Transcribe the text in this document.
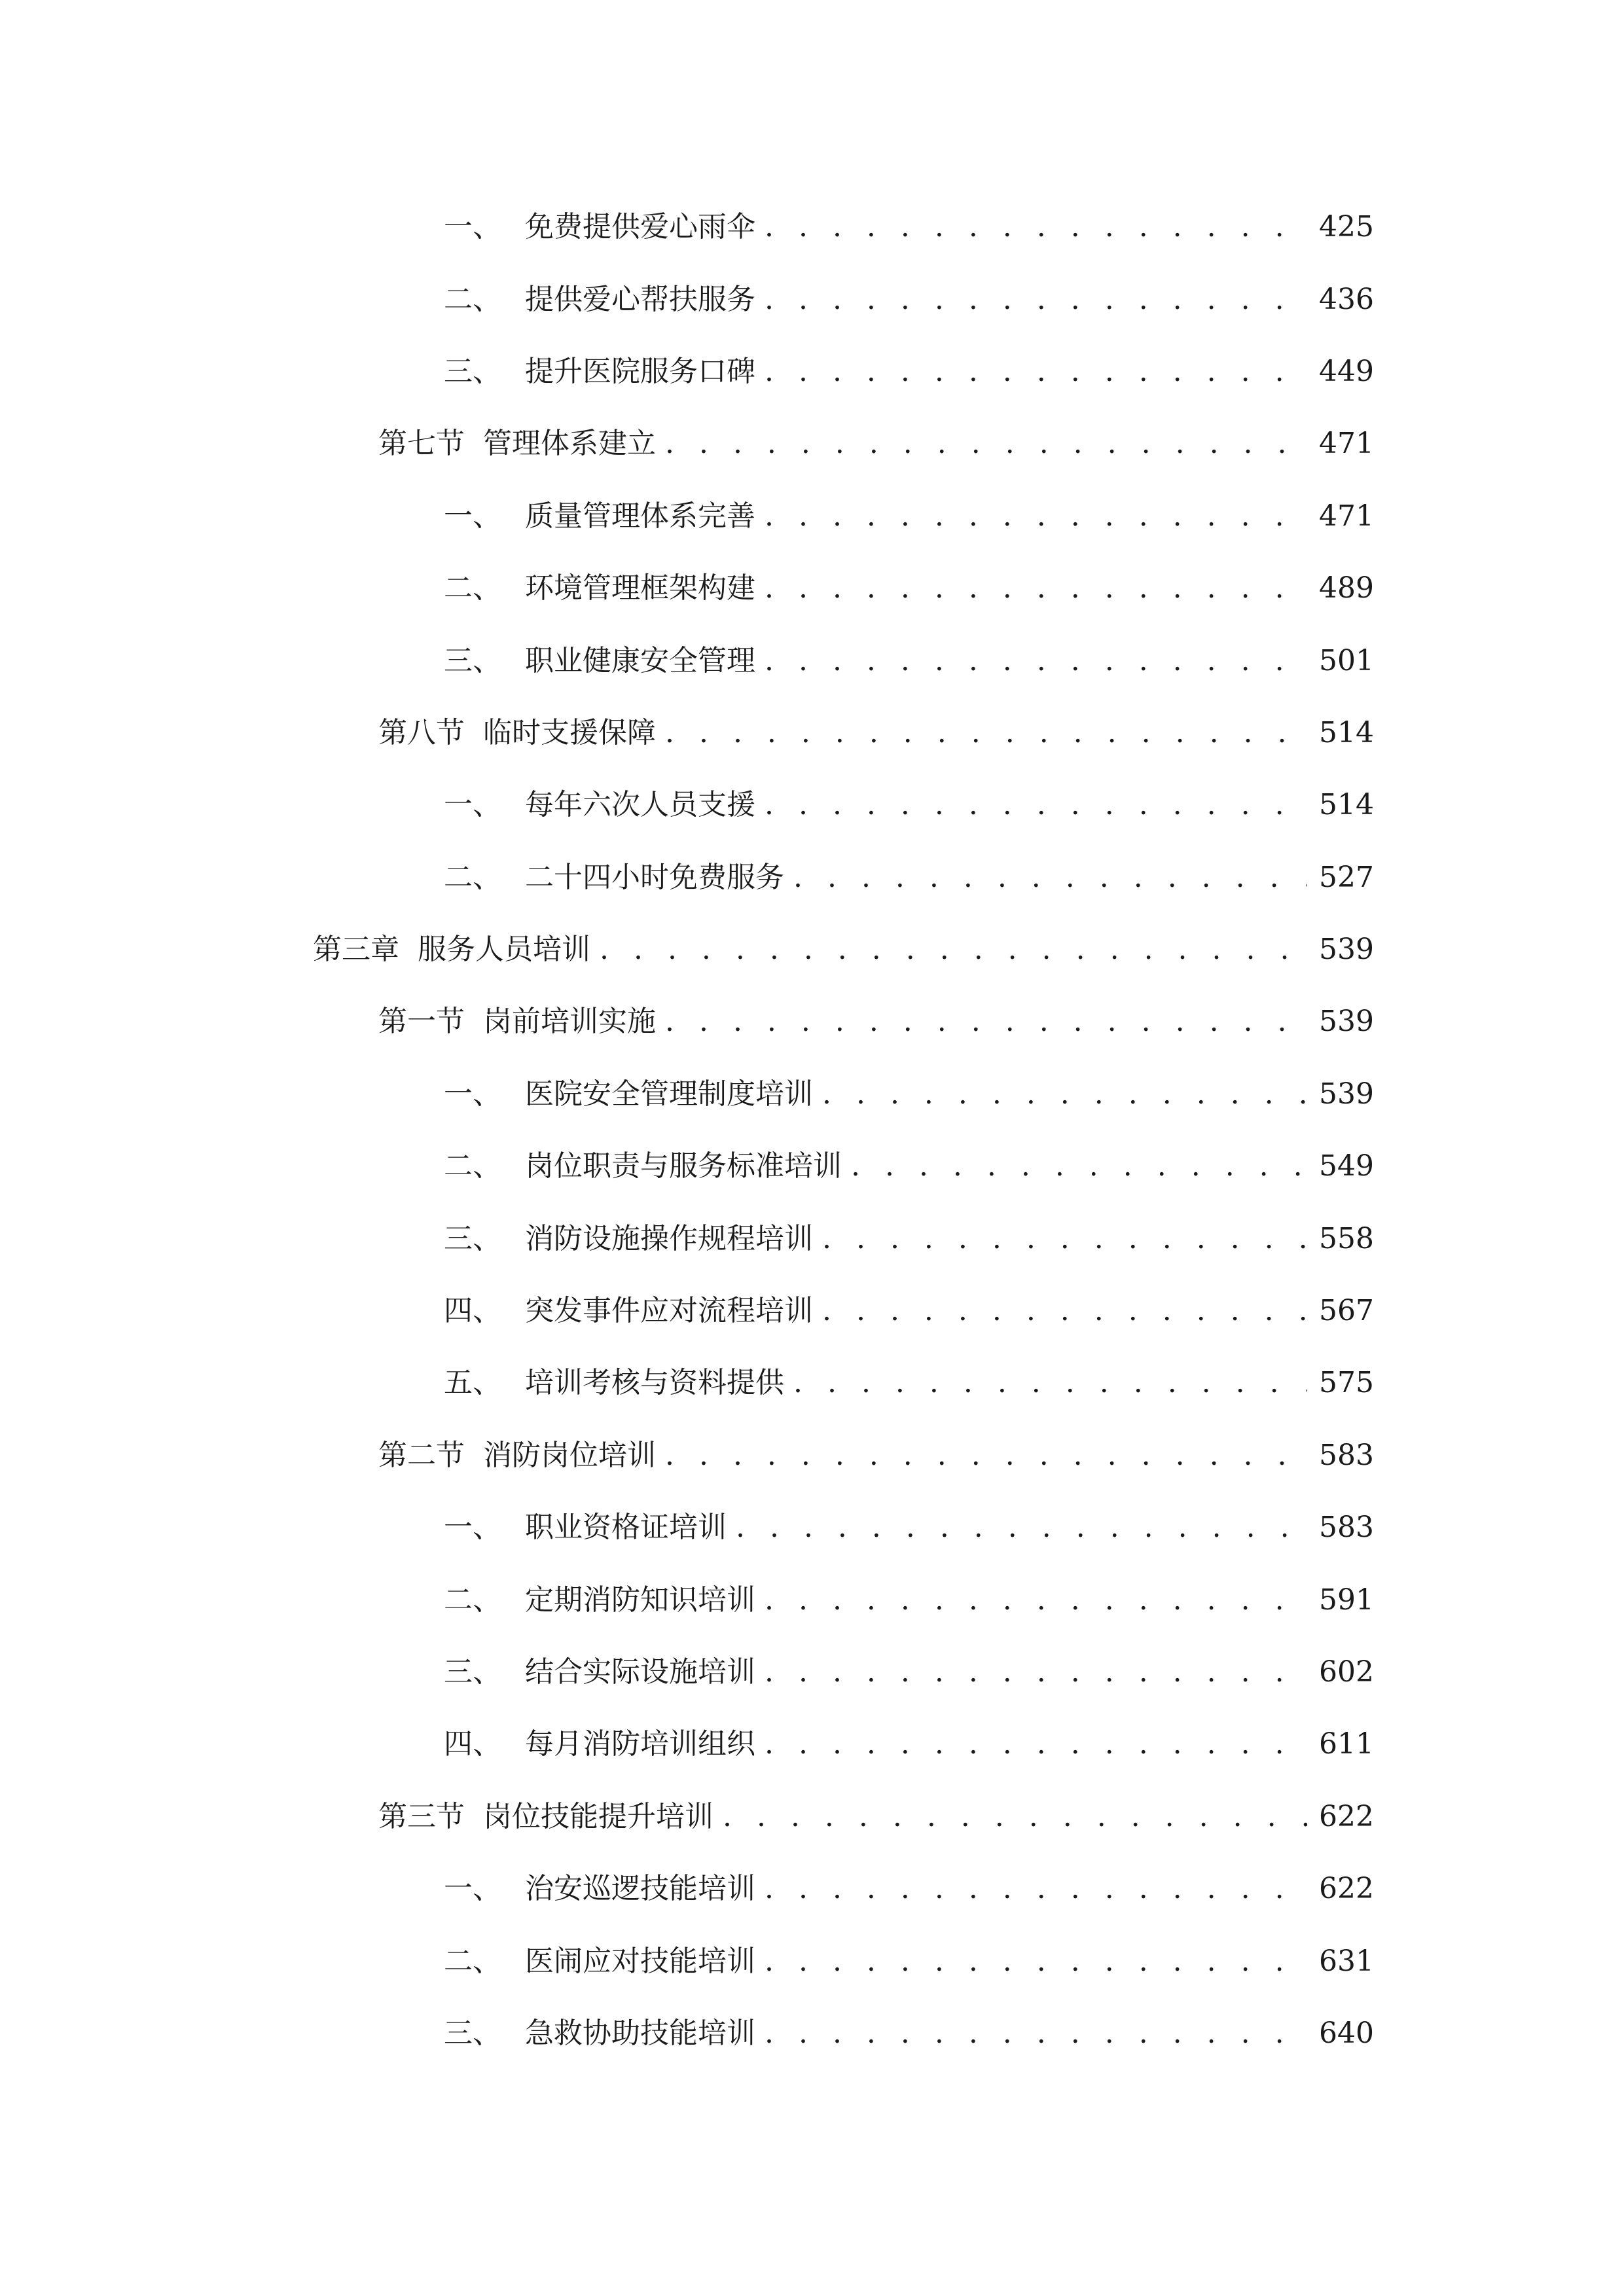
一、 免费提供爱心雨伞 . . .	425
二、 提供爱心帮扶服务 . . .	436
三、 提升医院服务口碑 . . .	449
第七节 管理体系建立 . . .	471
一、 质量管理体系完善 . . .	471
二、 环境管理框架构建 . . .	489
三、 职业健康安全管理 . . .	501
第八节 临时支援保障 . . .	514
一、 每年六次人员支援 . . .	514
二、 二十四小时免费服务 . . .	527
第三章 服务人员培训 . . .	539
第一节 岗前培训实施 . . .	539
一、 医院安全管理制度培训 . . .	539
二、 岗位职责与服务标准培训 . . .	549
三、 消防设施操作规程培训 . . .	558
四、 突发事件应对流程培训 . . .	567
五、 培训考核与资料提供 . . .	575
第二节 消防岗位培训 . . .	583
一、 职业资格证培训 . . .	583
二、 定期消防知识培训 . . .	591
三、 结合实际设施培训 . . .	602
四、 每月消防培训组织 . . .	611
第三节 岗位技能提升培训 . . .	622
一、 治安巡逻技能培训 . . .	622
二、 医闹应对技能培训 . . .	631
三、 急救协助技能培训 . . .	640
